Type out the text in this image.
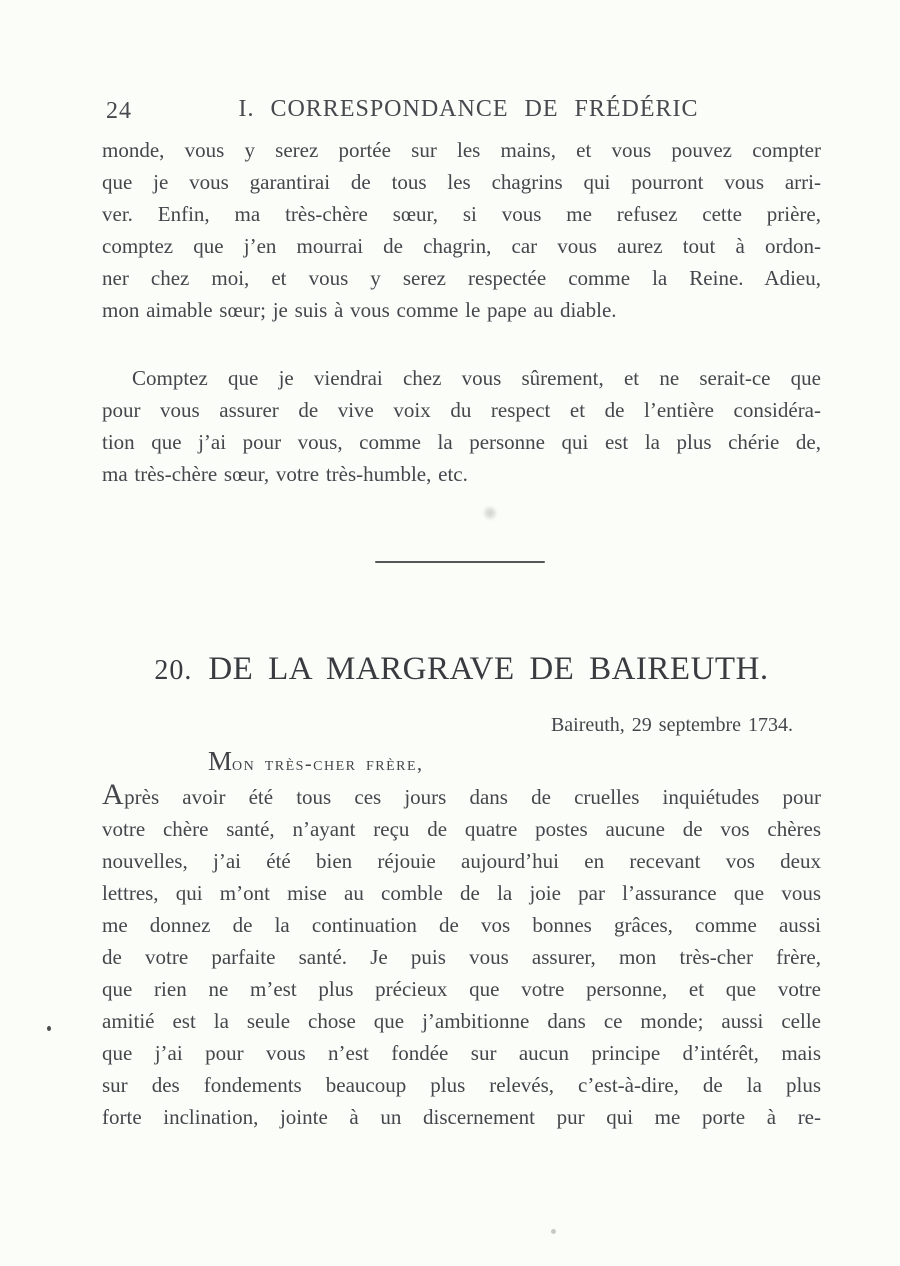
24	I. CORRESPONDANCE DE FRÉDÉRIC
monde, vous y serez portée sur les mains, et vous pouvez compter
que je vous garantirai de tous les chagrins qui pourront vous arri-
ver. Enfin, ma très-chère sœur, si vous me refusez cette prière,
comptez que j’en mourrai de chagrin, car vous aurez tout à ordon-
ner chez moi, et vous y serez respectée comme la Reine. Adieu,
mon aimable sœur; je suis à vous comme le pape au diable.
Comptez que je viendrai chez vous sûrement, et ne serait-ce que
pour vous assurer de vive voix du respect et de l’entière considéra-
tion que j’ai pour vous, comme la personne qui est la plus chérie de,
ma très-chère sœur, votre très-humble, etc.
20. DE LA MARGRAVE DE BAIREUTH.
Baireuth, 29 septembre 1734.
Mon très-cher frère,
Après avoir été tous ces jours dans de cruelles inquiétudes pour
votre chère santé, n’ayant reçu de quatre postes aucune de vos chères
nouvelles, j’ai été bien réjouie aujourd’hui en recevant vos deux
lettres, qui m’ont mise au comble de la joie par l’assurance que vous
me donnez de la continuation de vos bonnes grâces, comme aussi
de votre parfaite santé. Je puis vous assurer, mon très-cher frère,
que rien ne m’est plus précieux que votre personne, et que votre
amitié est la seule chose que j’ambitionne dans ce monde; aussi celle
que j’ai pour vous n’est fondée sur aucun principe d’intérêt, mais
sur des fondements beaucoup plus relevés, c’est-à-dire, de la plus
forte inclination, jointe à un discernement pur qui me porte à re-
